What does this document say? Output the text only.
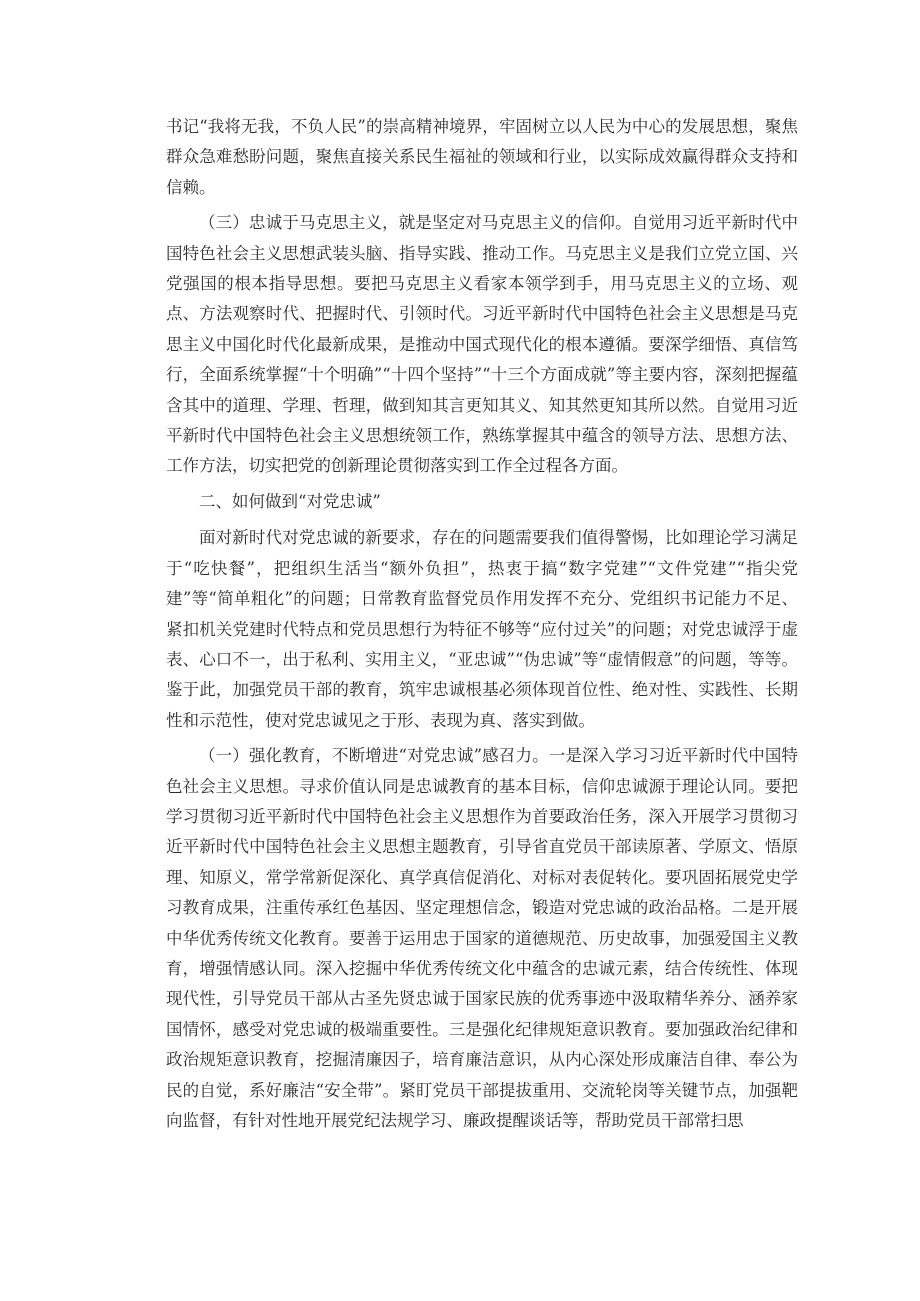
书记“我将无我，不负人民”的崇高精神境界，牢固树立以人民为中心的发展思想，聚焦群众急难愁盼问题，聚焦直接关系民生福祉的领域和行业，以实际成效赢得群众支持和信赖。

（三）忠诚于马克思主义，就是坚定对马克思主义的信仰。自觉用习近平新时代中国特色社会主义思想武装头脑、指导实践、推动工作。马克思主义是我们立党立国、兴党强国的根本指导思想。要把马克思主义看家本领学到手，用马克思主义的立场、观点、方法观察时代、把握时代、引领时代。习近平新时代中国特色社会主义思想是马克思主义中国化时代化最新成果，是推动中国式现代化的根本遵循。要深学细悟、真信笃行，全面系统掌握“十个明确”“十四个坚持”“十三个方面成就”等主要内容，深刻把握蕴含其中的道理、学理、哲理，做到知其言更知其义、知其然更知其所以然。自觉用习近平新时代中国特色社会主义思想统领工作，熟练掌握其中蕴含的领导方法、思想方法、工作方法，切实把党的创新理论贯彻落实到工作全过程各方面。

二、如何做到“对党忠诚”

面对新时代对党忠诚的新要求，存在的问题需要我们值得警惕，比如理论学习满足于“吃快餐”，把组织生活当“额外负担”，热衷于搞“数字党建”“文件党建”“指尖党建”等“简单粗化”的问题；日常教育监督党员作用发挥不充分、党组织书记能力不足、紧扣机关党建时代特点和党员思想行为特征不够等“应付过关”的问题；对党忠诚浮于虚表、心口不一，出于私利、实用主义，“亚忠诚”“伪忠诚”等“虚情假意”的问题，等等。鉴于此，加强党员干部的教育，筑牢忠诚根基必须体现首位性、绝对性、实践性、长期性和示范性，使对党忠诚见之于形、表现为真、落实到做。

（一）强化教育，不断增进“对党忠诚”感召力。一是深入学习习近平新时代中国特色社会主义思想。寻求价值认同是忠诚教育的基本目标，信仰忠诚源于理论认同。要把学习贯彻习近平新时代中国特色社会主义思想作为首要政治任务，深入开展学习贯彻习近平新时代中国特色社会主义思想主题教育，引导省直党员干部读原著、学原文、悟原理、知原义，常学常新促深化、真学真信促消化、对标对表促转化。要巩固拓展党史学习教育成果，注重传承红色基因、坚定理想信念，锻造对党忠诚的政治品格。二是开展中华优秀传统文化教育。要善于运用忠于国家的道德规范、历史故事，加强爱国主义教育，增强情感认同。深入挖掘中华优秀传统文化中蕴含的忠诚元素，结合传统性、体现现代性，引导党员干部从古圣先贤忠诚于国家民族的优秀事迹中汲取精华养分、涵养家国情怀，感受对党忠诚的极端重要性。三是强化纪律规矩意识教育。要加强政治纪律和政治规矩意识教育，挖掘清廉因子，培育廉洁意识，从内心深处形成廉洁自律、奉公为民的自觉，系好廉洁“安全带”。紧盯党员干部提拔重用、交流轮岗等关键节点，加强靶向监督，有针对性地开展党纪法规学习、廉政提醒谈话等，帮助党员干部常扫思
